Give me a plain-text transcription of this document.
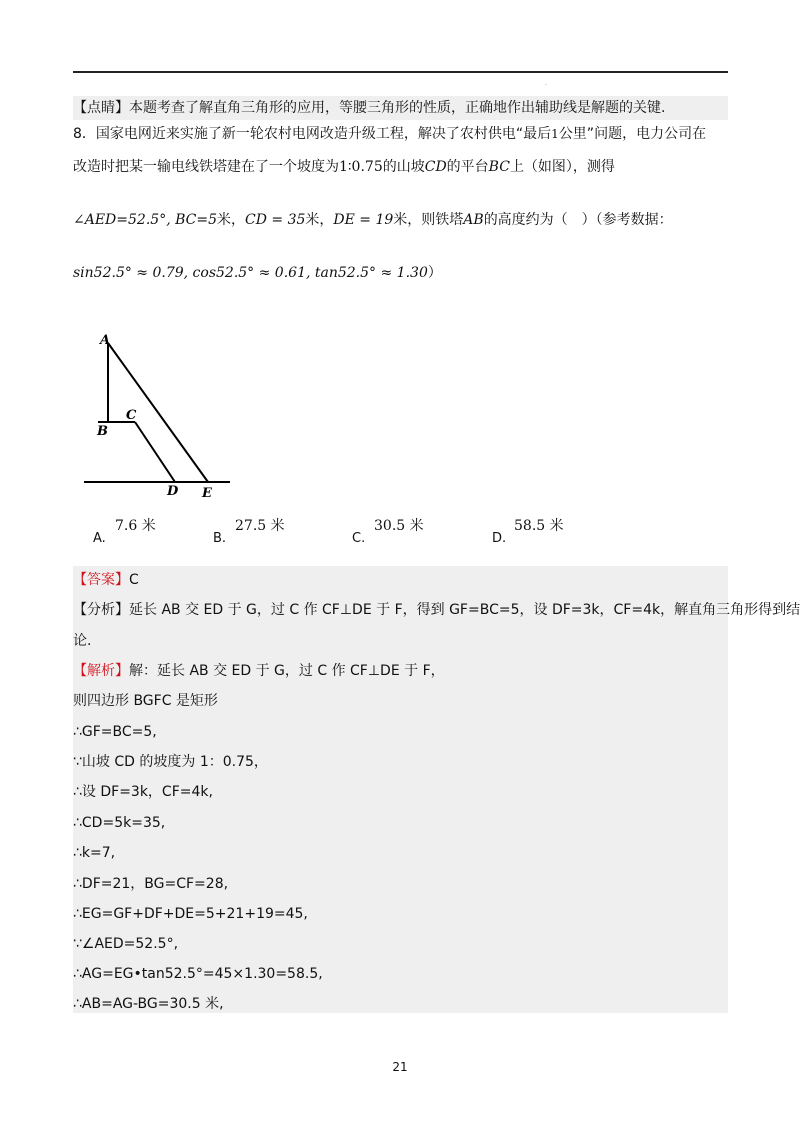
.
【点睛】本题考查了解直角三角形的应用，等腰三角形的性质，正确地作出辅助线是解题的关键.
8．国家电网近来实施了新一轮农村电网改造升级工程，解决了农村供电“最后1公里”问题，电力公司在
改造时把某一输电线铁塔建在了一个坡度为1∶0.75的山坡CD的平台BC上（如图），测得
∠AED=52.5°, BC=5米，CD = 35米，DE = 19米，则铁塔AB的高度约为（　）（参考数据：
sin52.5° ≈ 0.79, cos52.5° ≈ 0.61, tan52.5° ≈ 1.30）
A
B
C
D E
A.
7.6 米
B.
27.5 米
C.
30.5 米
D.
58.5 米
【答案】C
【分析】延长 AB 交 ED 于 G，过 C 作 CF⊥DE 于 F，得到 GF=BC=5，设 DF=3k，CF=4k，解直角三角形得到结
论.
【解析】解：延长 AB 交 ED 于 G，过 C 作 CF⊥DE 于 F，
则四边形 BGFC 是矩形
∴GF=BC=5,
∵山坡 CD 的坡度为 1：0.75，
∴设 DF=3k，CF=4k,
∴CD=5k=35,
∴k=7,
∴DF=21，BG=CF=28,
∴EG=GF+DF+DE=5+21+19=45,
∵∠AED=52.5°,
∴AG=EG•tan52.5°=45×1.30=58.5,
∴AB=AG-BG=30.5 米,
21
